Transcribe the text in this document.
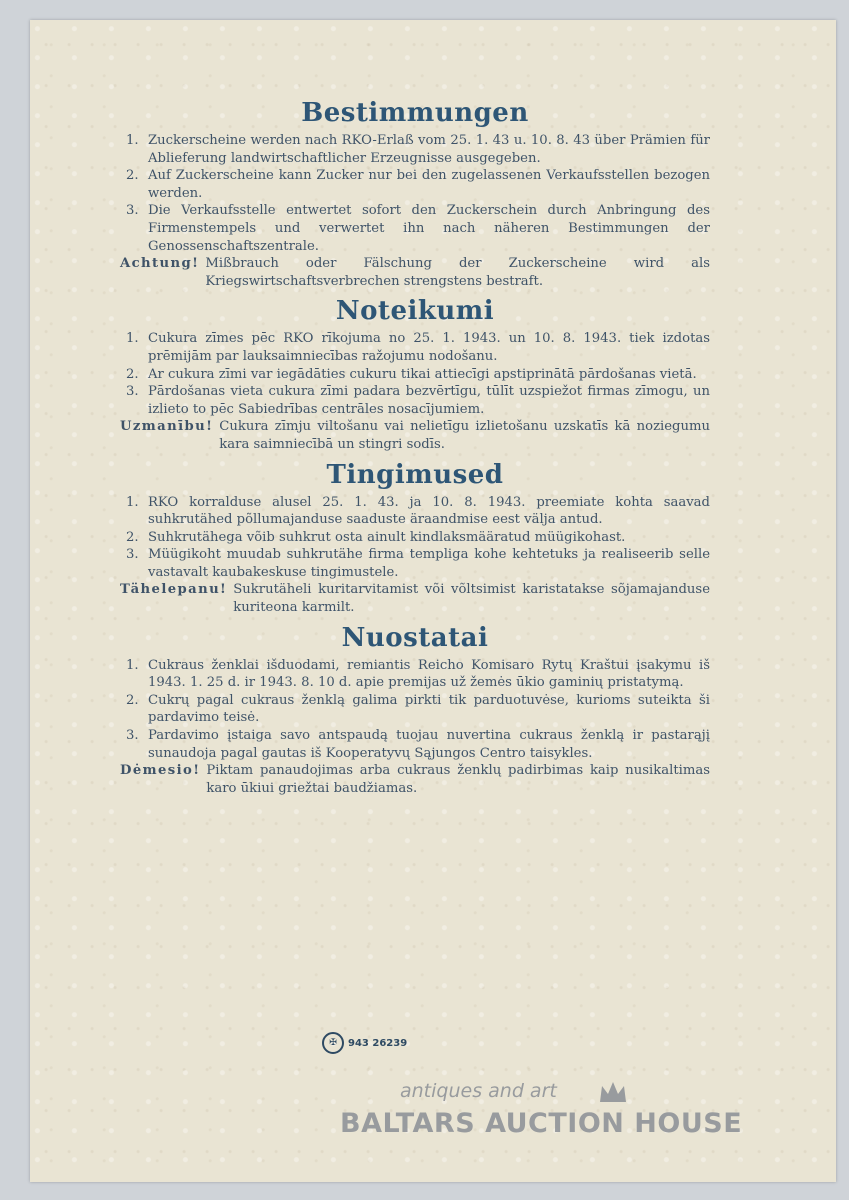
Bestimmungen

1. Zuckerscheine werden nach RKO-Erlaß vom 25. 1. 43 u. 10. 8. 43 über Prämien für Ablieferung landwirtschaftlicher Erzeugnisse ausgegeben.

2. Auf Zuckerscheine kann Zucker nur bei den zugelassenen Verkaufsstellen bezogen werden.

3. Die Verkaufsstelle entwertet sofort den Zuckerschein durch Anbringung des Firmenstempels und verwertet ihn nach näheren Bestimmungen der Genossenschaftszentrale.

Achtung! Mißbrauch oder Fälschung der Zuckerscheine wird als Kriegswirtschaftsverbrechen strengstens bestraft.
Noteikumi

1. Cukura zīmes pēc RKO rīkojuma no 25. 1. 1943. un 10. 8. 1943. tiek izdotas prēmijām par lauksaimniecības ražojumu nodošanu.

2. Ar cukura zīmi var iegādāties cukuru tikai attiecīgi apstiprinātā pārdošanas vietā.

3. Pārdošanas vieta cukura zīmi padara bezvērtīgu, tūlīt uzspiežot firmas zīmogu, un izlieto to pēc Sabiedrības centrāles nosacījumiem.

Uzmanību! Cukura zīmju viltošanu vai nelietīgu izlietošanu uzskatīs kā noziegumu kara saimniecībā un stingri sodīs.
Tingimused

1. RKO korralduse alusel 25. 1. 43. ja 10. 8. 1943. preemiate kohta saavad suhkrutähed põllumajanduse saaduste äraandmise eest välja antud.

2. Suhkrutähega võib suhkrut osta ainult kindlaksmääratud müügikohast.

3. Müügikoht muudab suhkrutähe firma templiga kohe kehtetuks ja realiseerib selle vastavalt kaubakeskuse tingimustele.

Tähelepanu! Sukrutäheli kuritarvitamist või võltsimist karistatakse sõjamajanduse kuriteona karmilt.
Nuostatai

1. Cukraus ženklai išduodami, remiantis Reicho Komisaro Rytų Kraštui įsakymu iš 1943. 1. 25 d. ir 1943. 8. 10 d. apie premijas už žemės ūkio gaminių pristatymą.

2. Cukrų pagal cukraus ženklą galima pirkti tik parduotuvėse, kurioms suteikta ši pardavimo teisė.

3. Pardavimo įstaiga savo antspaudą tuojau nuvertina cukraus ženklą ir pastarąjį sunaudoja pagal gautas iš Kooperatyvų Sąjungos Centro taisykles.

Dėmesio! Piktam panaudojimas arba cukraus ženklų padirbimas kaip nusikaltimas karo ūkiui griežtai baudžiamas.
✠	943 26239
antiques and art
BALTARS AUCTION HOUSE
